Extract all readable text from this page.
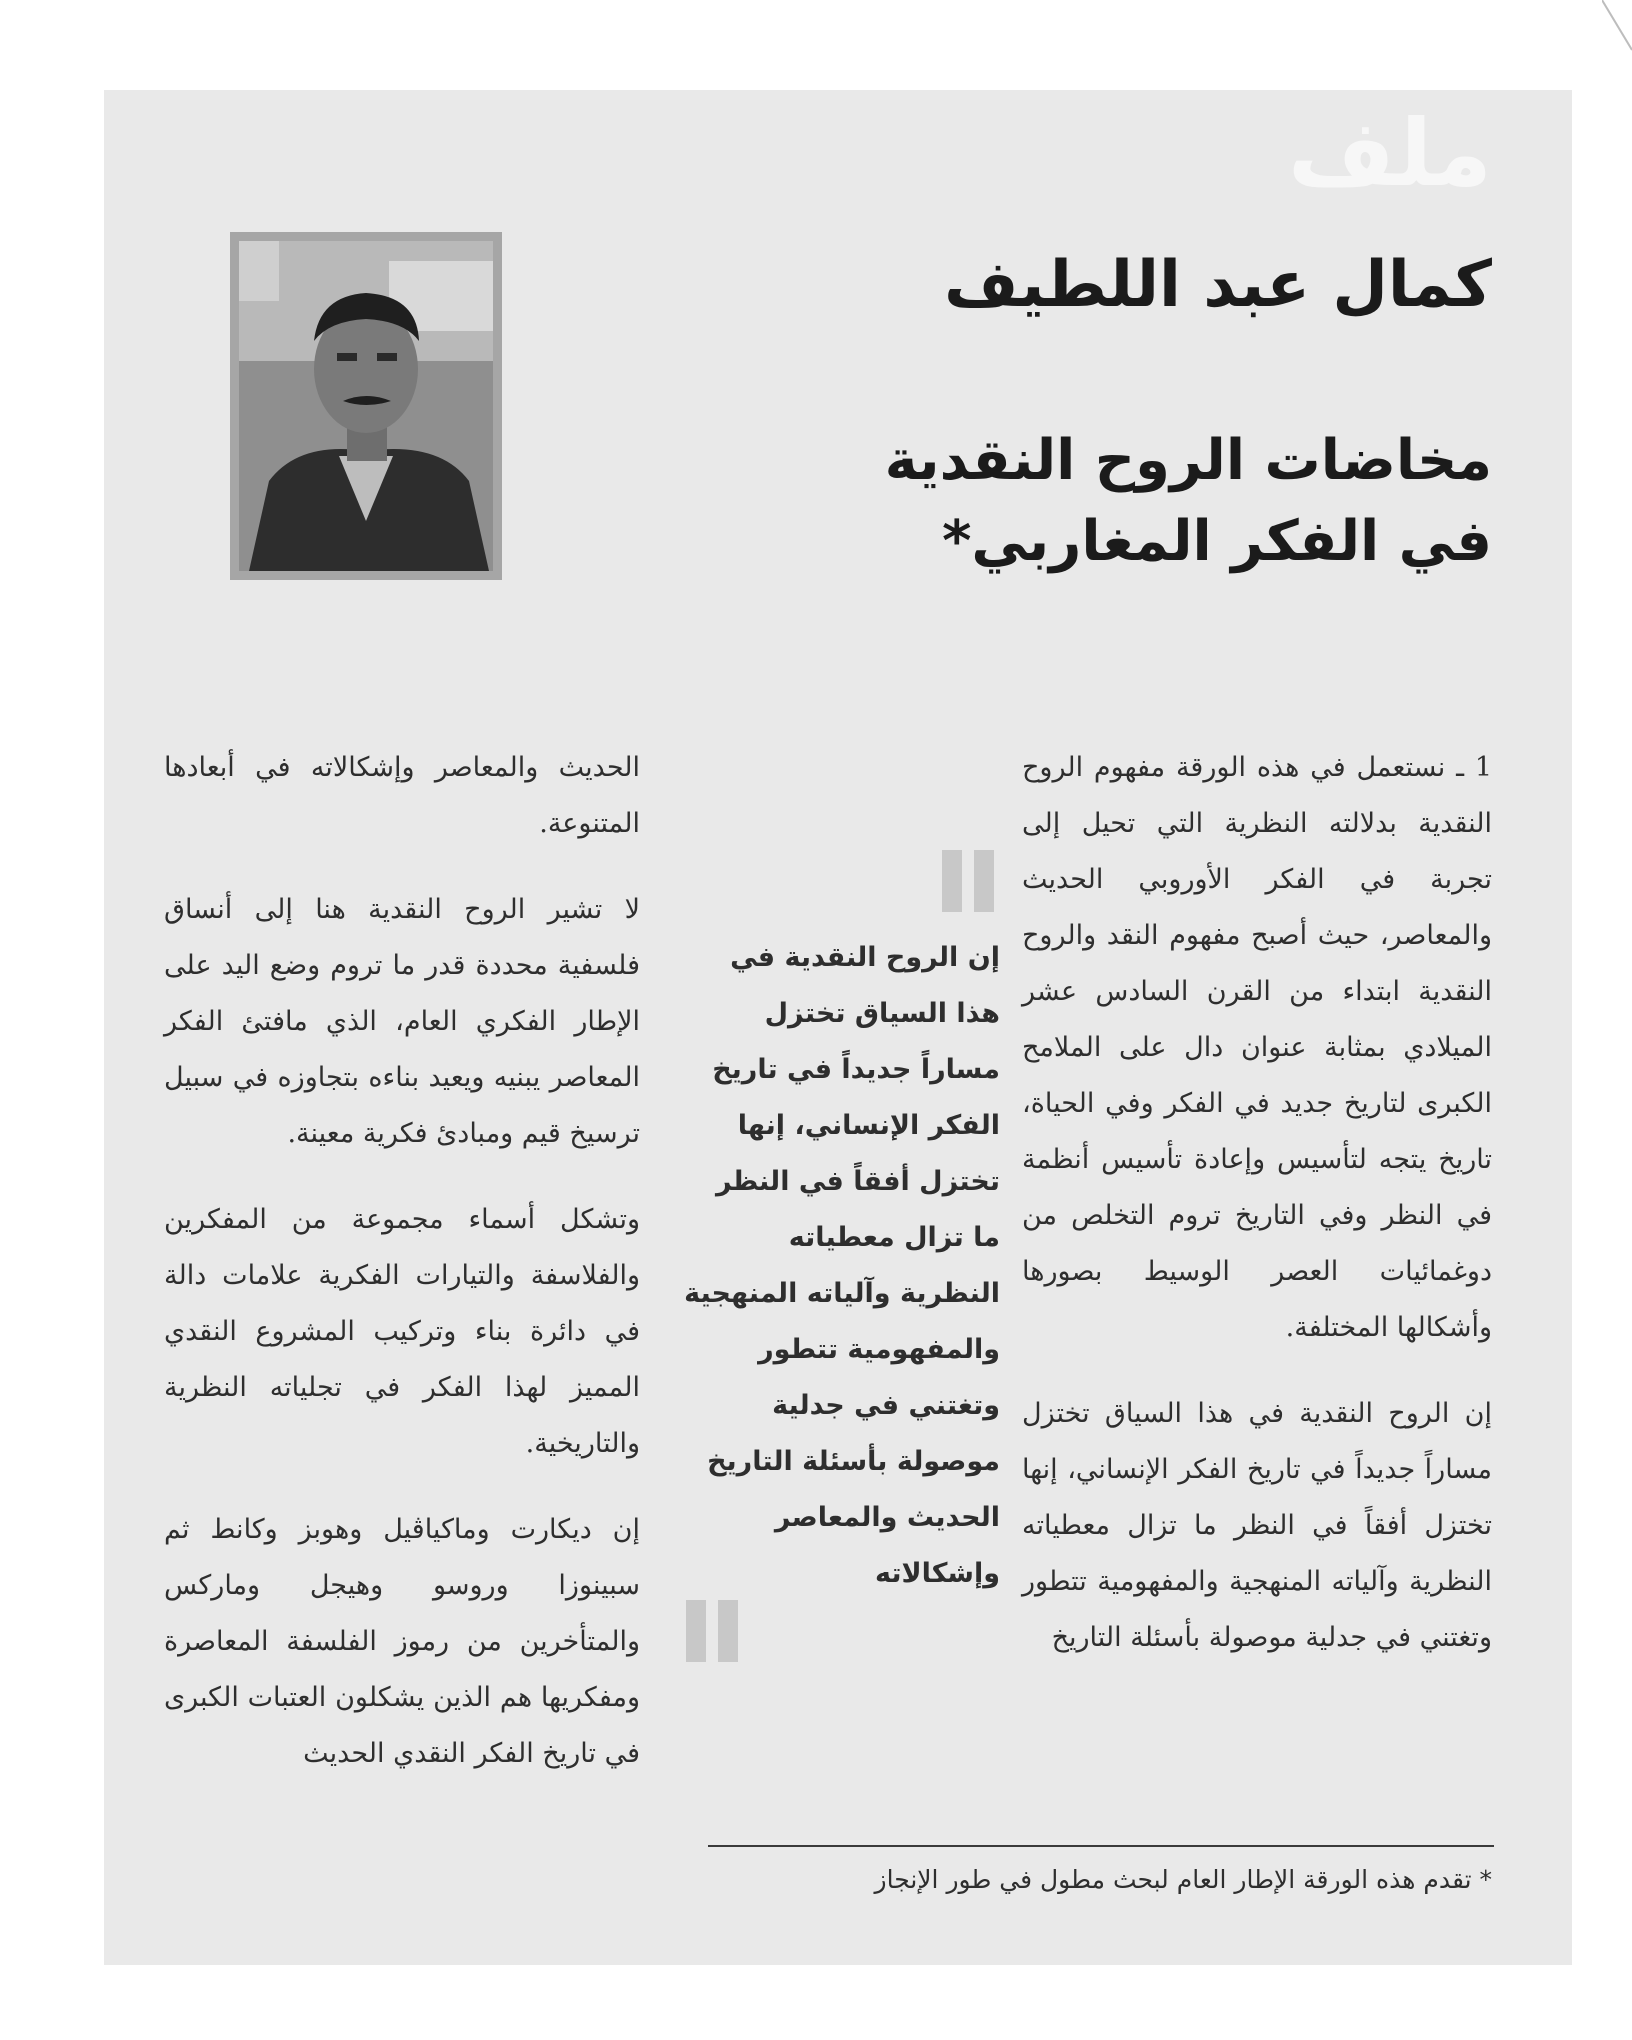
ملف
كمال عبد اللطيف
مخاضات الروح النقدية
في الفكر المغاربي*

1 ـ نستعمل في هذه الورقة مفهوم الروح النقدية بدلالته النظرية التي تحيل إلى تجربة في الفكر الأوروبي الحديث والمعاصر، حيث أصبح مفهوم النقد والروح النقدية ابتداء من القرن السادس عشر الميلادي بمثابة عنوان دال على الملامح الكبرى لتاريخ جديد في الفكر وفي الحياة، تاريخ يتجه لتأسيس وإعادة تأسيس أنظمة في النظر وفي التاريخ تروم التخلص من دوغمائيات العصر الوسيط بصورها وأشكالها المختلفة.

إن الروح النقدية في هذا السياق تختزل مساراً جديداً في تاريخ الفكر الإنساني، إنها تختزل أفقاً في النظر ما تزال معطياته النظرية وآلياته المنهجية والمفهومية تتطور وتغتني في جدلية موصولة بأسئلة التاريخ

إن الروح النقدية في هذا السياق تختزل مساراً جديداً في تاريخ الفكر الإنساني، إنها تختزل أفقاً في النظر ما تزال معطياته النظرية وآلياته المنهجية والمفهومية تتطور وتغتني في جدلية موصولة بأسئلة التاريخ الحديث والمعاصر وإشكالاته

الحديث والمعاصر وإشكالاته في أبعادها المتنوعة.

لا تشير الروح النقدية هنا إلى أنساق فلسفية محددة قدر ما تروم وضع اليد على الإطار الفكري العام، الذي مافتئ الفكر المعاصر يبنيه ويعيد بناءه بتجاوزه في سبيل ترسيخ قيم ومبادئ فكرية معينة.

وتشكل أسماء مجموعة من المفكرين والفلاسفة والتيارات الفكرية علامات دالة في دائرة بناء وتركيب المشروع النقدي المميز لهذا الفكر في تجلياته النظرية والتاريخية.

إن ديكارت وماكياڤيل وهوبز وكانط ثم سبينوزا وروسو وهيجل وماركس والمتأخرين من رموز الفلسفة المعاصرة ومفكريها هم الذين يشكلون العتبات الكبرى في تاريخ الفكر النقدي الحديث

* تقدم هذه الورقة الإطار العام لبحث مطول في طور الإنجاز
